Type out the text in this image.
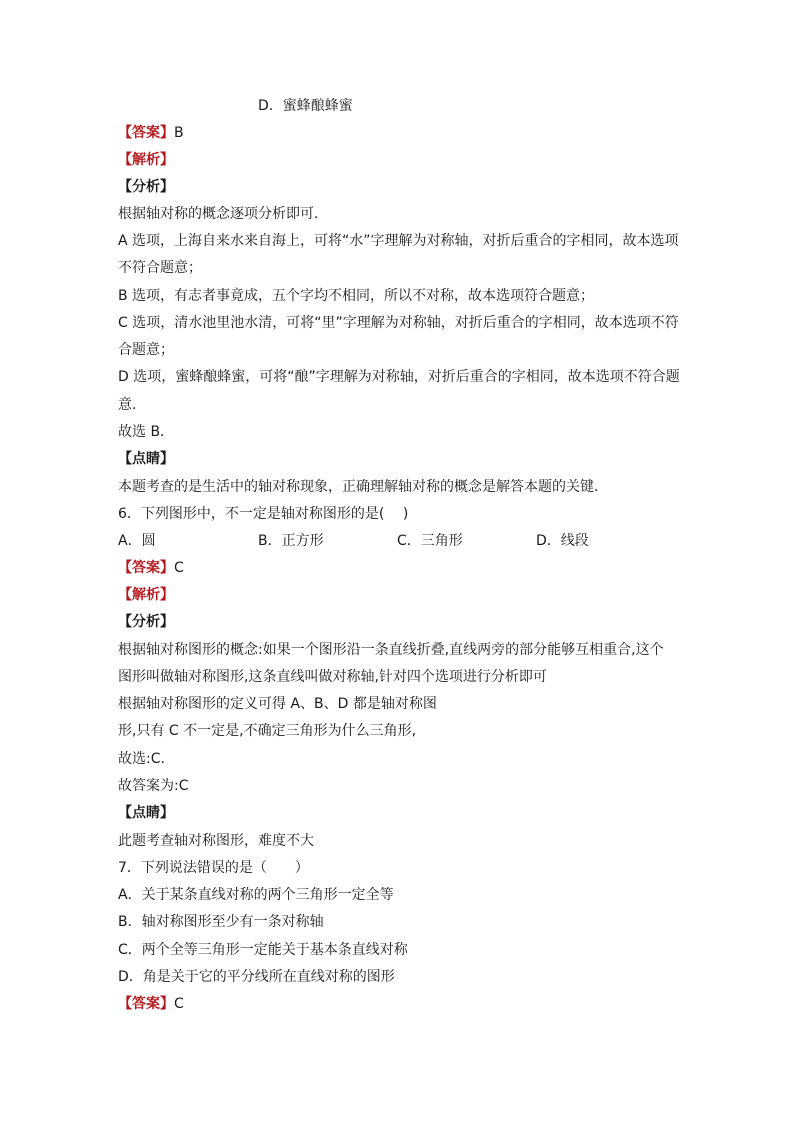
D．蜜蜂酿蜂蜜
【答案】B
【解析】
【分析】
根据轴对称的概念逐项分析即可．
A 选项，上海自来水来自海上，可将“水”字理解为对称轴，对折后重合的字相同，故本选项
不符合题意；
B 选项，有志者事竟成，五个字均不相同，所以不对称，故本选项符合题意；
C 选项，清水池里池水清，可将“里”字理解为对称轴，对折后重合的字相同，故本选项不符
合题意；
D 选项，蜜蜂酿蜂蜜，可将“酿”字理解为对称轴，对折后重合的字相同，故本选项不符合题
意．
故选 B．
【点睛】
本题考查的是生活中的轴对称现象，正确理解轴对称的概念是解答本题的关键．
6．下列图形中，不一定是轴对称图形的是(　 )
A．圆	B．正方形	C．三角形	D．线段
【答案】C
【解析】
【分析】
根据轴对称图形的概念:如果一个图形沿一条直线折叠,直线两旁的部分能够互相重合,这个
图形叫做轴对称图形,这条直线叫做对称轴,针对四个选项进行分析即可
根据轴对称图形的定义可得 A、B、D 都是轴对称图
形,只有 C 不一定是,不确定三角形为什么三角形,
故选:C.
故答案为:C
【点睛】
此题考查轴对称图形，难度不大
7．下列说法错误的是（　　）
A．关于某条直线对称的两个三角形一定全等
B．轴对称图形至少有一条对称轴
C．两个全等三角形一定能关于基本条直线对称
D．角是关于它的平分线所在直线对称的图形
【答案】C
